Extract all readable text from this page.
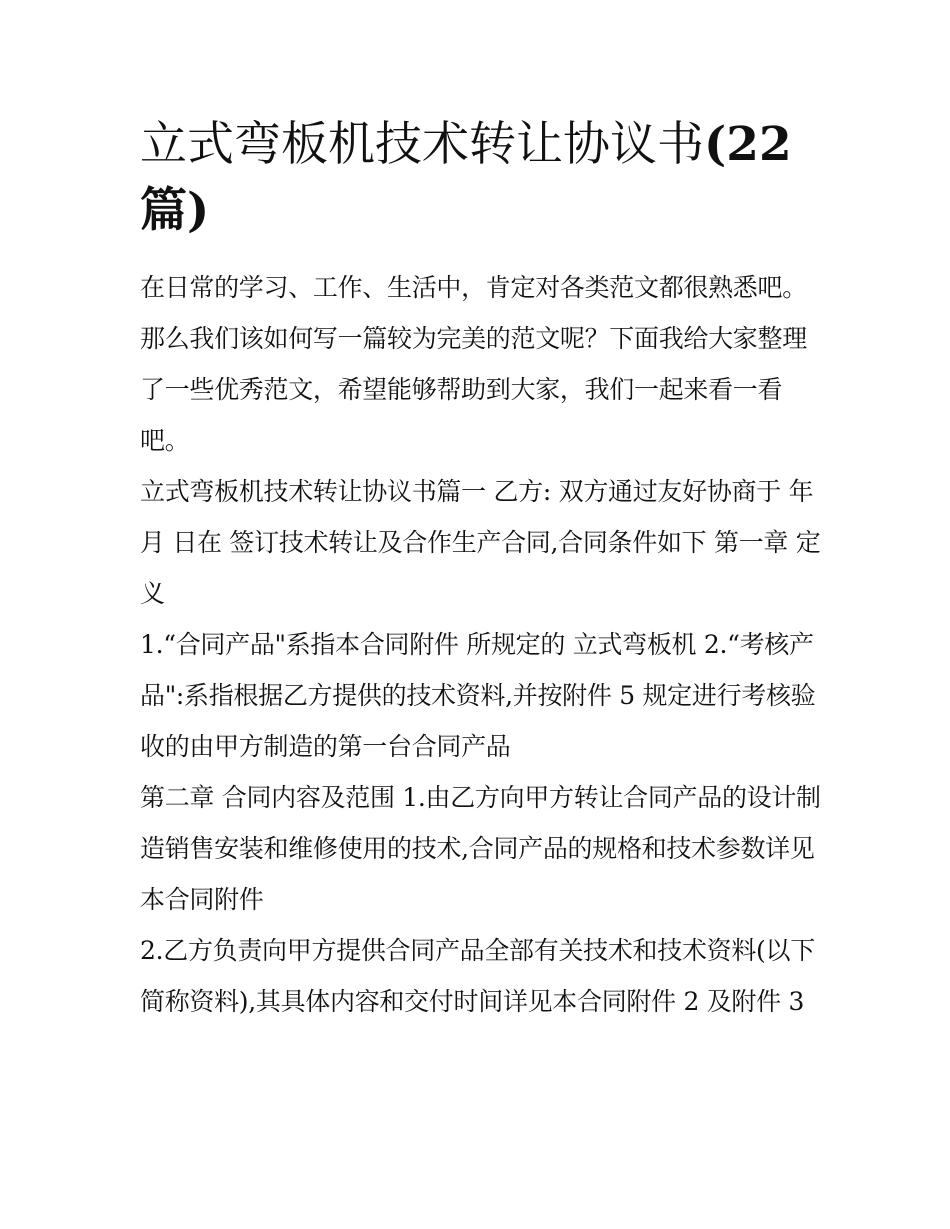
立式弯板机技术转让协议书(22
篇)

在日常的学习、工作、生活中，肯定对各类范文都很熟悉吧。那么我们该如何写一篇较为完美的范文呢？下面我给大家整理了一些优秀范文，希望能够帮助到大家，我们一起来看一看吧。

立式弯板机技术转让协议书篇一 乙方: 双方通过友好协商于 年 月 日在 签订技术转让及合作生产合同,合同条件如下 第一章 定义

1.“合同产品"系指本合同附件 所规定的 立式弯板机 2.“考核产品":系指根据乙方提供的技术资料,并按附件 5 规定进行考核验收的由甲方制造的第一台合同产品

第二章 合同内容及范围 1.由乙方向甲方转让合同产品的设计制造销售安装和维修使用的技术,合同产品的规格和技术参数详见本合同附件

2.乙方负责向甲方提供合同产品全部有关技术和技术资料(以下简称资料),其具体内容和交付时间详见本合同附件 2 及附件 3
